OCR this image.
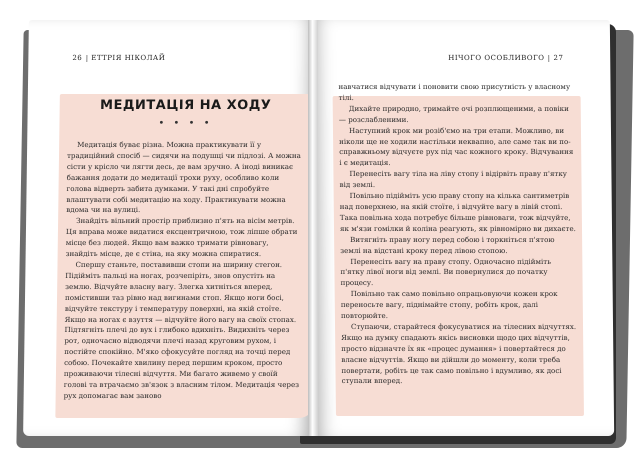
26 ЕТТРІЯ НІКОЛАЙ
МЕДИТАЦІЯ НА ХОДУ
• • • •

Медитація буває різна. Можна практикувати її у традиційний спосіб — сидячи на подушці чи підлозі. А можна сісти у крісло чи лягти десь, де вам зручно. А іноді виникає бажання додати до медитації трохи руху, особливо коли голова відверть забита думками. У такі дні спробуйте влаштувати собі медитацію на ходу. Практикувати можна вдома чи на вулиці.

Знайдіть вільний простір приблизно п'ять на вісім метрів. Ця вправа може видатися ексцентричною, тож ліпше обрати місце без людей. Якщо вам важко тримати рівновагу, знайдіть місце, де є стіна, на яку можна спиратися.

Спершу станьте, поставивши стопи на ширину стегон. Підійміть пальці на ногах, розчепіріть, знов опустіть на землю. Відчуйте власну вагу. Злегка хитніться вперед, помістивши таз рівно над вигинами стоп. Якщо ноги босі, відчуйте текстуру і температуру поверхні, на якій стоїте. Якщо на ногах є взуття — відчуйте його вагу на своїх стопах. Підтягніть плечі до вух і глибоко вдихніть. Видихніть через рот, одночасно відводячи плечі назад круговим рухом, і постійте спокійно. М'яко сфокусуйте погляд на точці перед собою. Почекайте хвилину перед першим кроком, просто проживаючи тілесні відчуття. Ми багато живемо у своїй голові та втрачаємо зв'язок з власним тілом. Медитація через рух допомагає вам заново

НІЧОГО ОСОБЛИВОГО 27

навчатися відчувати і поновити свою присутність у власному тілі.

Дихайте природно, тримайте очі розплющеними, а повіки — розслабленими.

Наступний крок ми розіб'ємо на три етапи. Можливо, ви ніколи ще не ходили настільки неквапно, але саме так ви по-справжньому відчуєте рух під час кожного кроку. Відчування і є медитація.

Перенесіть вагу тіла на ліву стопу і відірвіть праву п'ятку від землі.

Повільно підійміть усю праву стопу на кілька сантиметрів над поверхнею, на якій стоїте, і відчуйте вагу в лівій стопі. Така повільна хода потребує більше рівноваги, тож відчуйте, як м'язи гомілки й коліна реагують, як рівномірно ви дихаєте.

Витягніть праву ногу перед собою і торкніться п'ятою землі на відстані кроку перед лівою стопою.

Перенесіть вагу на праву стопу. Одночасно підійміть п'ятку лівої ноги від землі. Ви повернулися до початку процесу.

Повільно так само повільно опрацьовуючи кожен крок переносьте вагу, піднімайте стопу, робіть крок, далі повторюйте.

Ступаючи, старайтеся фокусуватися на тілесних відчуттях. Якщо на думку спадають якісь висновки щодо цих відчуттів, просто відзначте їх як «процес думання» і повертайтеся до власне відчуттів. Якщо ви дійшли до моменту, коли треба повертати, робіть це так само повільно і вдумливо, як досі ступали вперед.
